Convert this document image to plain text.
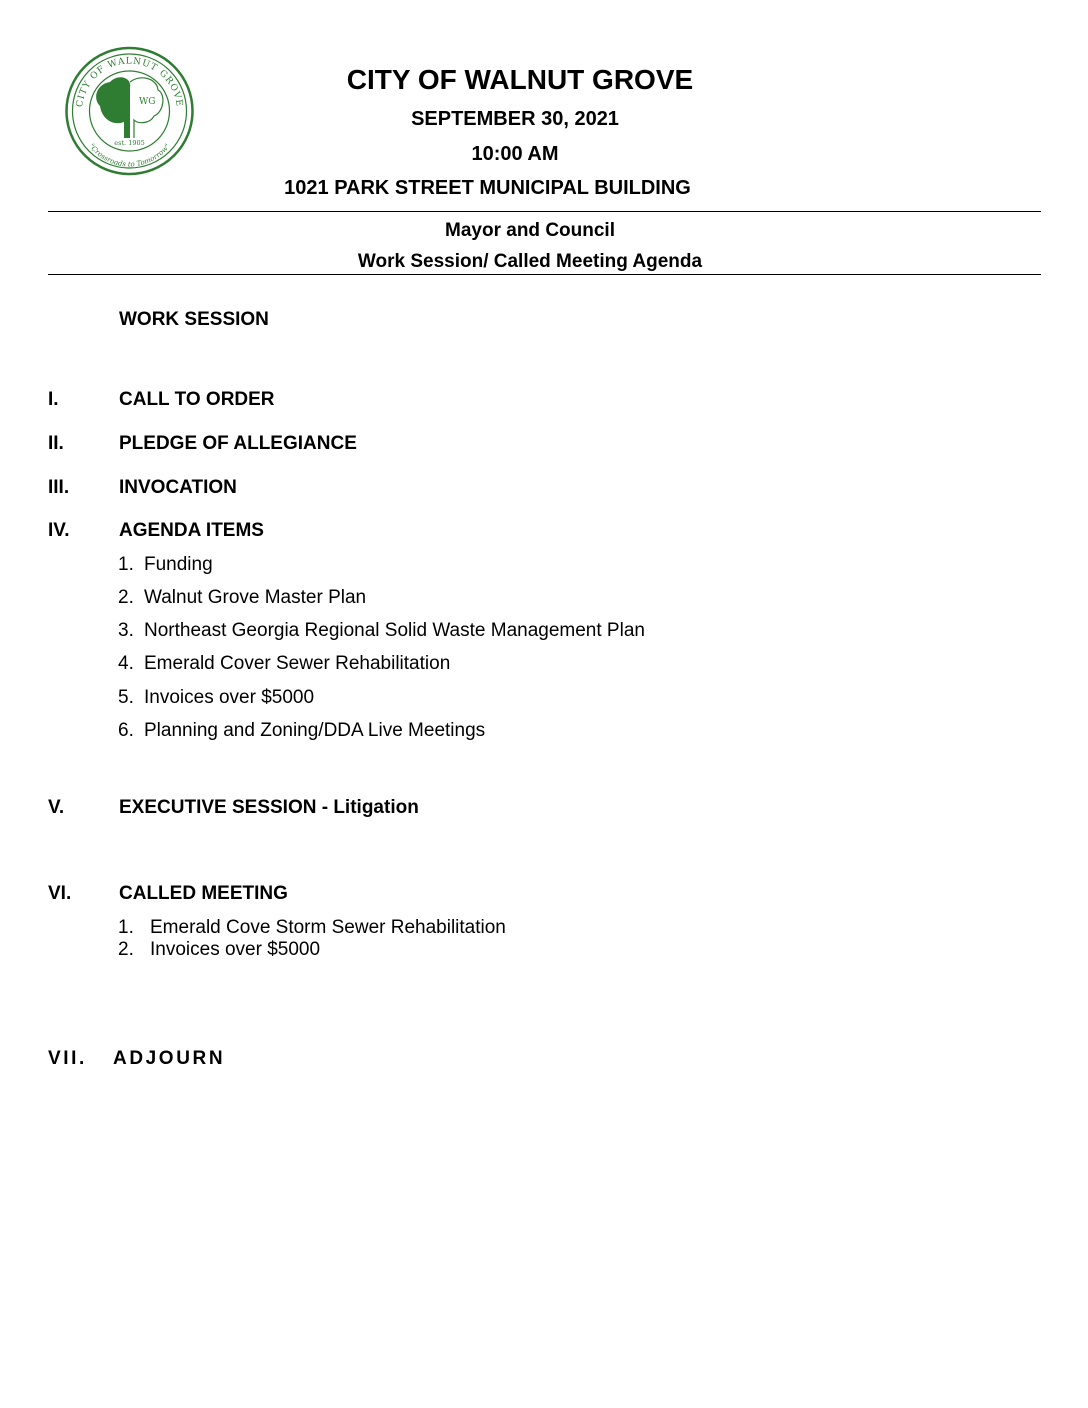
CITY OF WALNUT GROVE
"Crossroads to Tomorrow"
WG
est. 1905
CITY OF WALNUT GROVE
SEPTEMBER 30, 2021
10:00 AM
1021 PARK STREET MUNICIPAL BUILDING
Mayor and Council
Work Session/ Called Meeting Agenda
WORK SESSION
I.	CALL TO ORDER
II.	PLEDGE OF ALLEGIANCE
III.	INVOCATION
IV.	AGENDA ITEMS
1. Funding
2. Walnut Grove Master Plan
3. Northeast Georgia Regional Solid Waste Management Plan
4. Emerald Cover Sewer Rehabilitation
5. Invoices over $5000
6. Planning and Zoning/DDA Live Meetings
V.	EXECUTIVE SESSION - Litigation
VI.	CALLED MEETING
1. Emerald Cove Storm Sewer Rehabilitation
2. Invoices over $5000
VII. ADJOURN
